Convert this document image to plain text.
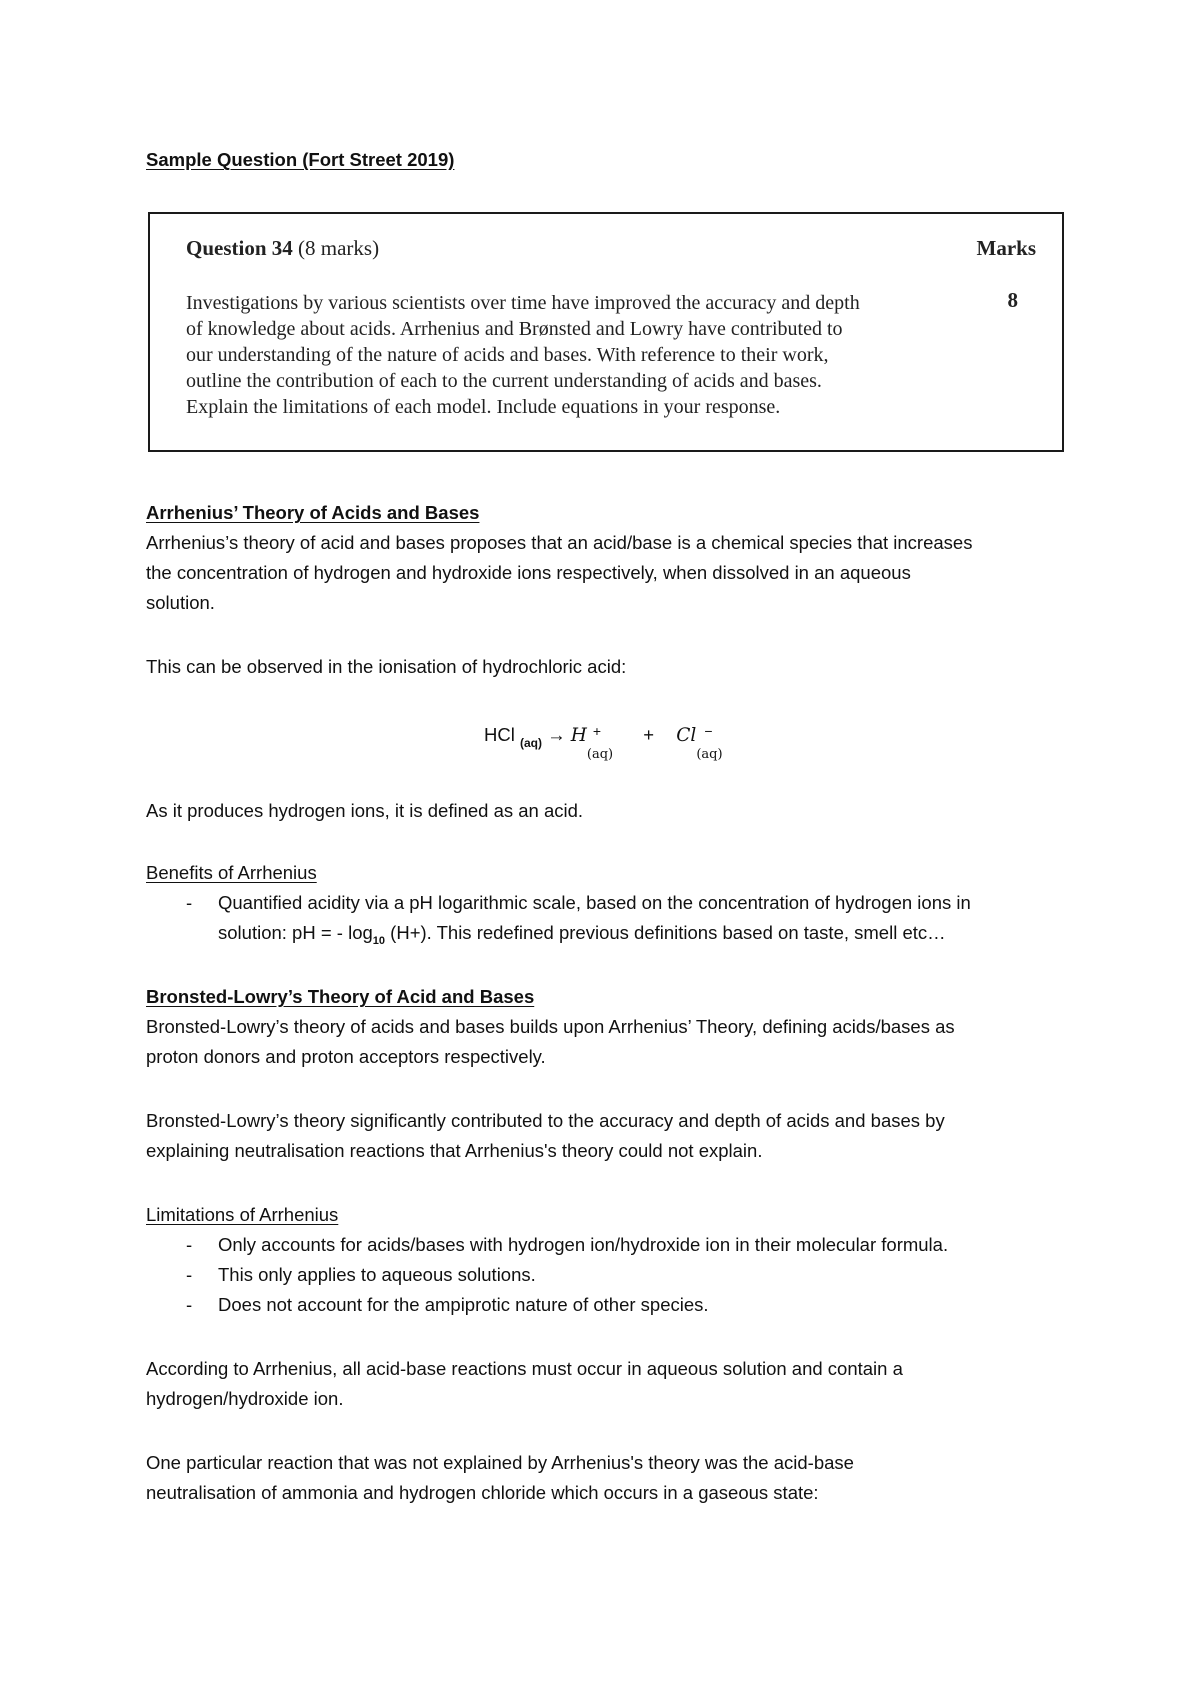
Sample Question (Fort Street 2019)
Question 34 (8 marks)	Marks
8
Investigations by various scientists over time have improved the accuracy and depth
of knowledge about acids. Arrhenius and Brønsted and Lowry have contributed to
our understanding of the nature of acids and bases. With reference to their work,
outline the contribution of each to the current understanding of acids and bases.
Explain the limitations of each model. Include equations in your response.
Arrhenius’ Theory of Acids and Bases
Arrhenius’s theory of acid and bases proposes that an acid/base is a chemical species that increases
the concentration of hydrogen and hydroxide ions respectively, when dissolved in an aqueous
solution.
This can be observed in the ionisation of hydrochloric acid:
HCl $_{(aq)}$ → H +
(aq)
+ Cl −
(aq)
As it produces hydrogen ions, it is defined as an acid.
Benefits of Arrhenius
- Quantified acidity via a pH logarithmic scale, based on the concentration of hydrogen ions in
solution: pH = - $\log_{10} (H+)$. This redefined previous definitions based on taste, smell etc…
Bronsted-Lowry’s Theory of Acid and Bases
Bronsted-Lowry’s theory of acids and bases builds upon Arrhenius’ Theory, defining acids/bases as
proton donors and proton acceptors respectively.
Bronsted-Lowry’s theory significantly contributed to the accuracy and depth of acids and bases by
explaining neutralisation reactions that Arrhenius's theory could not explain.
Limitations of Arrhenius
- Only accounts for acids/bases with hydrogen ion/hydroxide ion in their molecular formula.
- This only applies to aqueous solutions.
- Does not account for the ampiprotic nature of other species.
According to Arrhenius, all acid-base reactions must occur in aqueous solution and contain a
hydrogen/hydroxide ion.
One particular reaction that was not explained by Arrhenius's theory was the acid-base
neutralisation of ammonia and hydrogen chloride which occurs in a gaseous state:
